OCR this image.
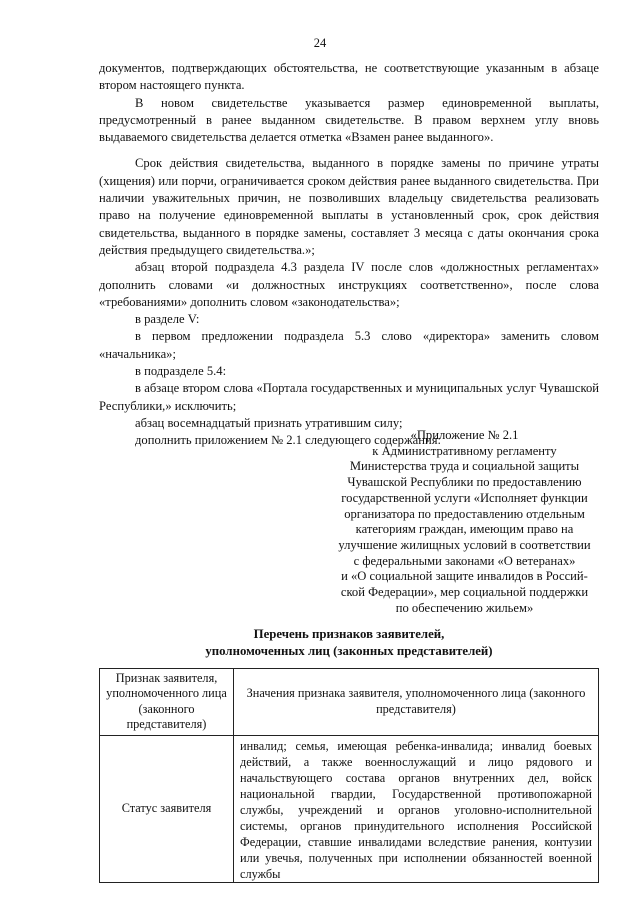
24

документов, подтверждающих обстоятельства, не соответствующие указанным в абзаце втором настоящего пункта.

В новом свидетельстве указывается размер единовременной выплаты, предусмотренный в ранее выданном свидетельстве. В правом верхнем углу вновь выдаваемого свидетельства делается отметка «Взамен ранее выданного».

Срок действия свидетельства, выданного в порядке замены по причине утраты (хищения) или порчи, ограничивается сроком действия ранее выданного свидетельства. При наличии уважительных причин, не позволивших владельцу свидетельства реализовать право на получение единовременной выплаты в установленный срок, срок действия свидетельства, выданного в порядке замены, составляет 3 месяца с даты окончания срока действия предыдущего свидетельства.»;

абзац второй подраздела 4.3 раздела IV после слов «должностных регламентах» дополнить словами «и должностных инструкциях соответственно», после слова «требованиями» дополнить словом «законодательства»;

в разделе V:

в первом предложении подраздела 5.3 слово «директора» заменить словом «начальника»;

в подразделе 5.4:

в абзаце втором слова «Портала государственных и муниципальных услуг Чувашской Республики,» исключить;

абзац восемнадцатый признать утратившим силу;

дополнить приложением № 2.1 следующего содержания:

«Приложение № 2.1
к Административному регламенту
Министерства труда и социальной защиты
Чувашской Республики по предоставлению
государственной услуги «Исполняет функции
организатора по предоставлению отдельным
категориям граждан, имеющим право на
улучшение жилищных условий в соответствии
с федеральными законами «О ветеранах»
и «О социальной защите инвалидов в Россий-
ской Федерации», мер социальной поддержки
по обеспечению жильем»
Перечень признаков заявителей,
уполномоченных лиц (законных представителей)
Признак заявителя, уполномоченного лица (законного представителя)	Значения признака заявителя, уполномоченного лица (законного представителя)
Статус заявителя	инвалид; семья, имеющая ребенка-инвалида; инвалид боевых действий, а также военнослужащий и лицо рядового и начальствующего состава органов внутренних дел, войск национальной гвардии, Государственной противопожарной службы, учреждений и органов уголовно-исполнительной системы, органов принудительного исполнения Российской Федерации, ставшие инвалидами вследствие ранения, контузии или увечья, полученных при исполнении обязанностей военной службы
